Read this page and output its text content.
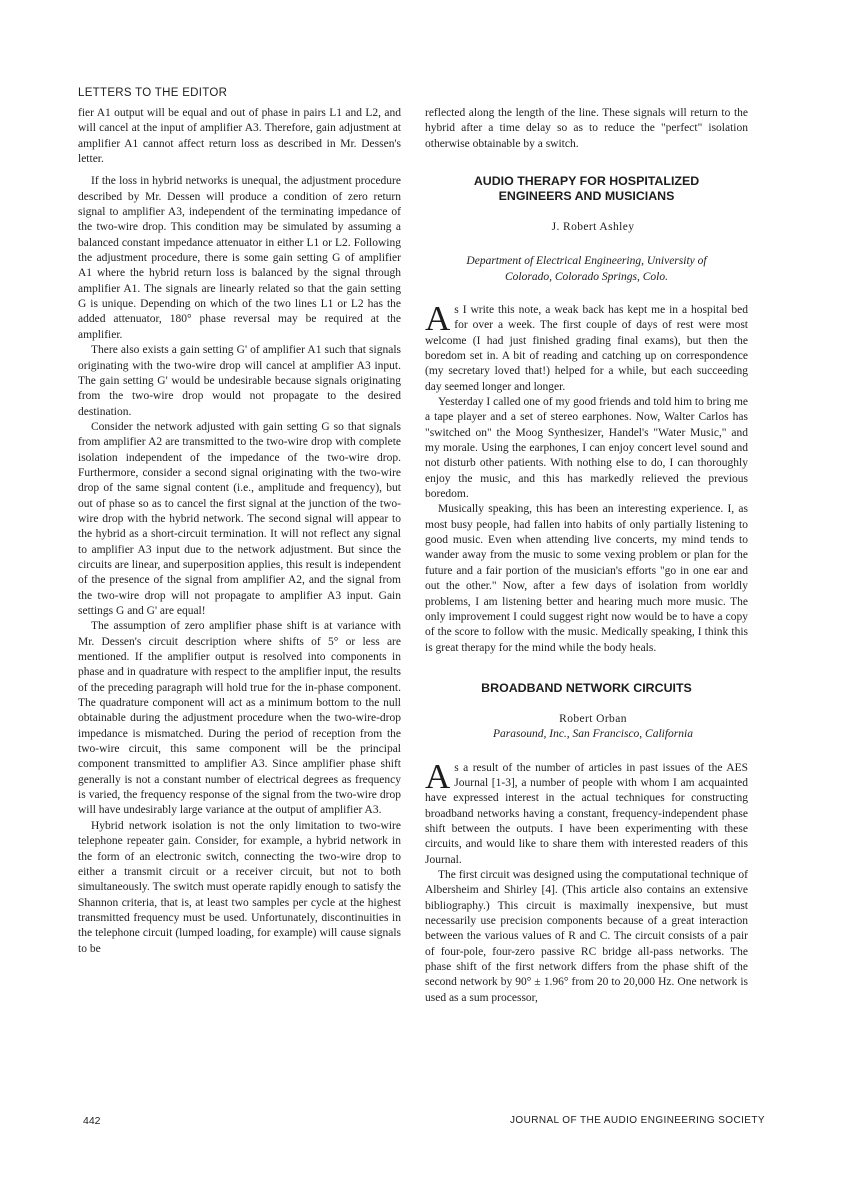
LETTERS TO THE EDITOR

fier A1 output will be equal and out of phase in pairs L1 and L2, and will cancel at the input of amplifier A3. Therefore, gain adjustment at amplifier A1 cannot affect return loss as described in Mr. Dessen's letter.

If the loss in hybrid networks is unequal, the adjustment procedure described by Mr. Dessen will produce a condition of zero return signal to amplifier A3, independent of the terminating impedance of the two-wire drop. This condition may be simulated by assuming a balanced constant impedance attenuator in either L1 or L2. Following the adjustment procedure, there is some gain setting G of amplifier A1 where the hybrid return loss is balanced by the signal through amplifier A1. The signals are linearly related so that the gain setting G is unique. Depending on which of the two lines L1 or L2 has the added attenuator, 180° phase reversal may be required at the amplifier.

There also exists a gain setting G' of amplifier A1 such that signals originating with the two-wire drop will cancel at amplifier A3 input. The gain setting G' would be undesirable because signals originating from the two-wire drop would not propagate to the desired destination.

Consider the network adjusted with gain setting G so that signals from amplifier A2 are transmitted to the two-wire drop with complete isolation independent of the impedance of the two-wire drop. Furthermore, consider a second signal originating with the two-wire drop of the same signal content (i.e., amplitude and frequency), but out of phase so as to cancel the first signal at the junction of the two-wire drop with the hybrid network. The second signal will appear to the hybrid as a short-circuit termination. It will not reflect any signal to amplifier A3 input due to the network adjustment. But since the circuits are linear, and superposition applies, this result is independent of the presence of the signal from amplifier A2, and the signal from the two-wire drop will not propagate to amplifier A3 input. Gain settings G and G' are equal!

The assumption of zero amplifier phase shift is at variance with Mr. Dessen's circuit description where shifts of 5° or less are mentioned. If the amplifier output is resolved into components in phase and in quadrature with respect to the amplifier input, the results of the preceding paragraph will hold true for the in-phase component. The quadrature component will act as a minimum bottom to the null obtainable during the adjustment procedure when the two-wire-drop impedance is mismatched. During the period of reception from the two-wire circuit, this same component will be the principal component transmitted to amplifier A3. Since amplifier phase shift generally is not a constant number of electrical degrees as frequency is varied, the frequency response of the signal from the two-wire drop will have undesirably large variance at the output of amplifier A3.

Hybrid network isolation is not the only limitation to two-wire telephone repeater gain. Consider, for example, a hybrid network in the form of an electronic switch, connecting the two-wire drop to either a transmit circuit or a receiver circuit, but not to both simultaneously. The switch must operate rapidly enough to satisfy the Shannon criteria, that is, at least two samples per cycle at the highest transmitted frequency must be used. Unfortunately, discontinuities in the telephone circuit (lumped loading, for example) will cause signals to be

reflected along the length of the line. These signals will return to the hybrid after a time delay so as to reduce the "perfect" isolation otherwise obtainable by a switch.

AUDIO THERAPY FOR HOSPITALIZED
ENGINEERS AND MUSICIANS

J. Robert Ashley

Department of Electrical Engineering, University of
Colorado, Colorado Springs, Colo.

As I write this note, a weak back has kept me in a hospital bed for over a week. The first couple of days of rest were most welcome (I had just finished grading final exams), but then the boredom set in. A bit of reading and catching up on correspondence (my secretary loved that!) helped for a while, but each succeeding day seemed longer and longer.

Yesterday I called one of my good friends and told him to bring me a tape player and a set of stereo earphones. Now, Walter Carlos has "switched on" the Moog Synthesizer, Handel's "Water Music," and my morale. Using the earphones, I can enjoy concert level sound and not disturb other patients. With nothing else to do, I can thoroughly enjoy the music, and this has markedly relieved the previous boredom.

Musically speaking, this has been an interesting experience. I, as most busy people, had fallen into habits of only partially listening to good music. Even when attending live concerts, my mind tends to wander away from the music to some vexing problem or plan for the future and a fair portion of the musician's efforts "go in one ear and out the other." Now, after a few days of isolation from worldly problems, I am listening better and hearing much more music. The only improvement I could suggest right now would be to have a copy of the score to follow with the music. Medically speaking, I think this is great therapy for the mind while the body heals.

BROADBAND NETWORK CIRCUITS

Robert Orban

Parasound, Inc., San Francisco, California

As a result of the number of articles in past issues of the AES Journal [1-3], a number of people with whom I am acquainted have expressed interest in the actual techniques for constructing broadband networks having a constant, frequency-independent phase shift between the outputs. I have been experimenting with these circuits, and would like to share them with interested readers of this Journal.

The first circuit was designed using the computational technique of Albersheim and Shirley [4]. (This article also contains an extensive bibliography.) This circuit is maximally inexpensive, but must necessarily use precision components because of a great interaction between the various values of R and C. The circuit consists of a pair of four-pole, four-zero passive RC bridge all-pass networks. The phase shift of the first network differs from the phase shift of the second network by 90° ± 1.96° from 20 to 20,000 Hz. One network is used as a sum processor,

442	JOURNAL OF THE AUDIO ENGINEERING SOCIETY
